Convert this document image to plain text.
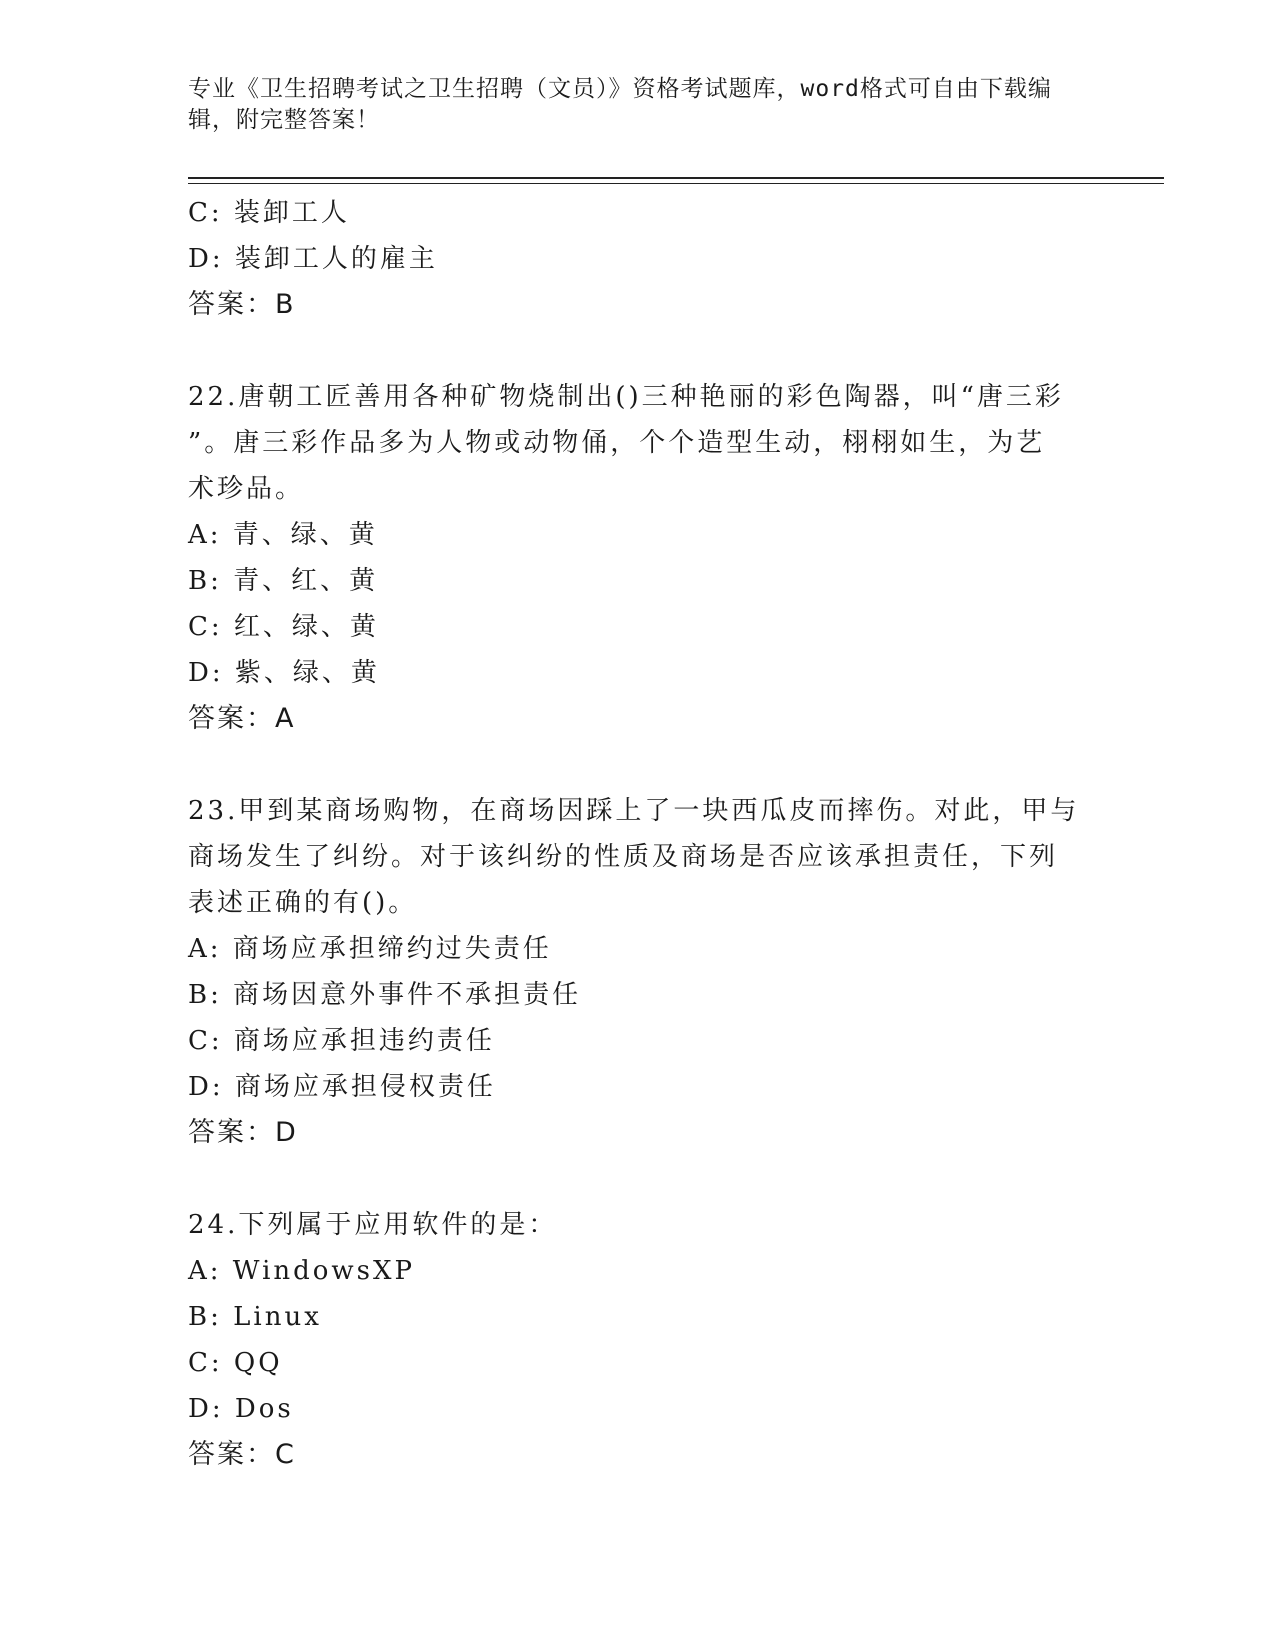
专业《卫生招聘考试之卫生招聘（文员）》资格考试题库，word格式可自由下载编辑，附完整答案！
C: 装卸工人
D: 装卸工人的雇主
答案：B
22.唐朝工匠善用各种矿物烧制出()三种艳丽的彩色陶器，叫“唐三彩
”。唐三彩作品多为人物或动物俑，个个造型生动，栩栩如生，为艺
术珍品。
A: 青、绿、黄
B: 青、红、黄
C: 红、绿、黄
D: 紫、绿、黄
答案：A
23.甲到某商场购物，在商场因踩上了一块西瓜皮而摔伤。对此，甲与
商场发生了纠纷。对于该纠纷的性质及商场是否应该承担责任，下列
表述正确的有()。
A: 商场应承担缔约过失责任
B: 商场因意外事件不承担责任
C: 商场应承担违约责任
D: 商场应承担侵权责任
答案：D
24.下列属于应用软件的是：
A: WindowsXP
B: Linux
C: QQ
D: Dos
答案：C
